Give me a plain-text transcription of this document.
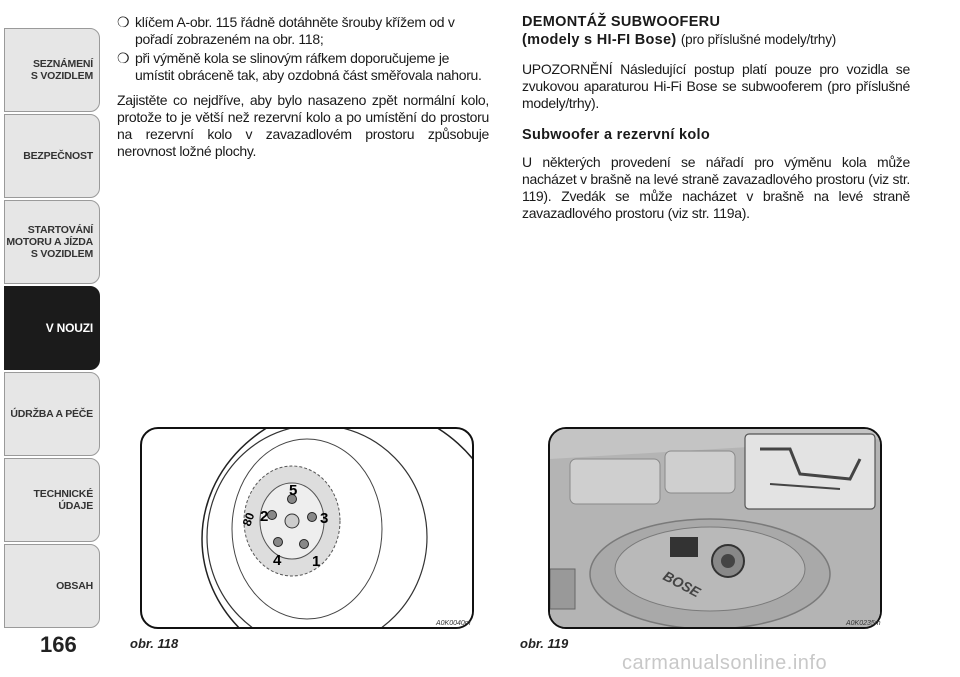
SEZNÁMENÍ
S VOZIDLEM
BEZPEČNOST
STARTOVÁNÍ
MOTORU A JÍZDA
S VOZIDLEM
V NOUZI
ÚDRŽBA A PÉČE
TECHNICKÉ
ÚDAJE
OBSAH
166
❍ klíčem A-obr. 115 řádně dotáhněte šrouby křížem od v pořadí zobrazeném na obr. 118;

❍ při výměně kola se slinovým ráfkem doporučujeme je umístit obráceně tak, aby ozdobná část směřovala nahoru.

Zajistěte co nejdříve, aby bylo nasazeno zpět normální kolo, protože to je větší než rezervní kolo a po umístění do prostoru na rezervní kolo v zavazadlovém prostoru způsobuje nerovnost ložné plochy.

DEMONTÁŽ SUBWOOFERU
(modely s HI-FI Bose) (pro příslušné modely/trhy)

UPOZORNĚNÍ Následující postup platí pouze pro vozidla se zvukovou aparaturou Hi-Fi Bose se subwooferem (pro příslušné modely/trhy).

Subwoofer a rezervní kolo

U některých provedení se nářadí pro výměnu kola může nacházet v brašně na levé straně zavazadlového prostoru (viz str. 119). Zvedák se může nacházet v brašně na levé straně zavazadlového prostoru (viz str. 119a).

5
3
1
4
2
80
obr. 118
A0K0040m
BOSE
obr. 119
A0K0235m
carmanualsonline.info
